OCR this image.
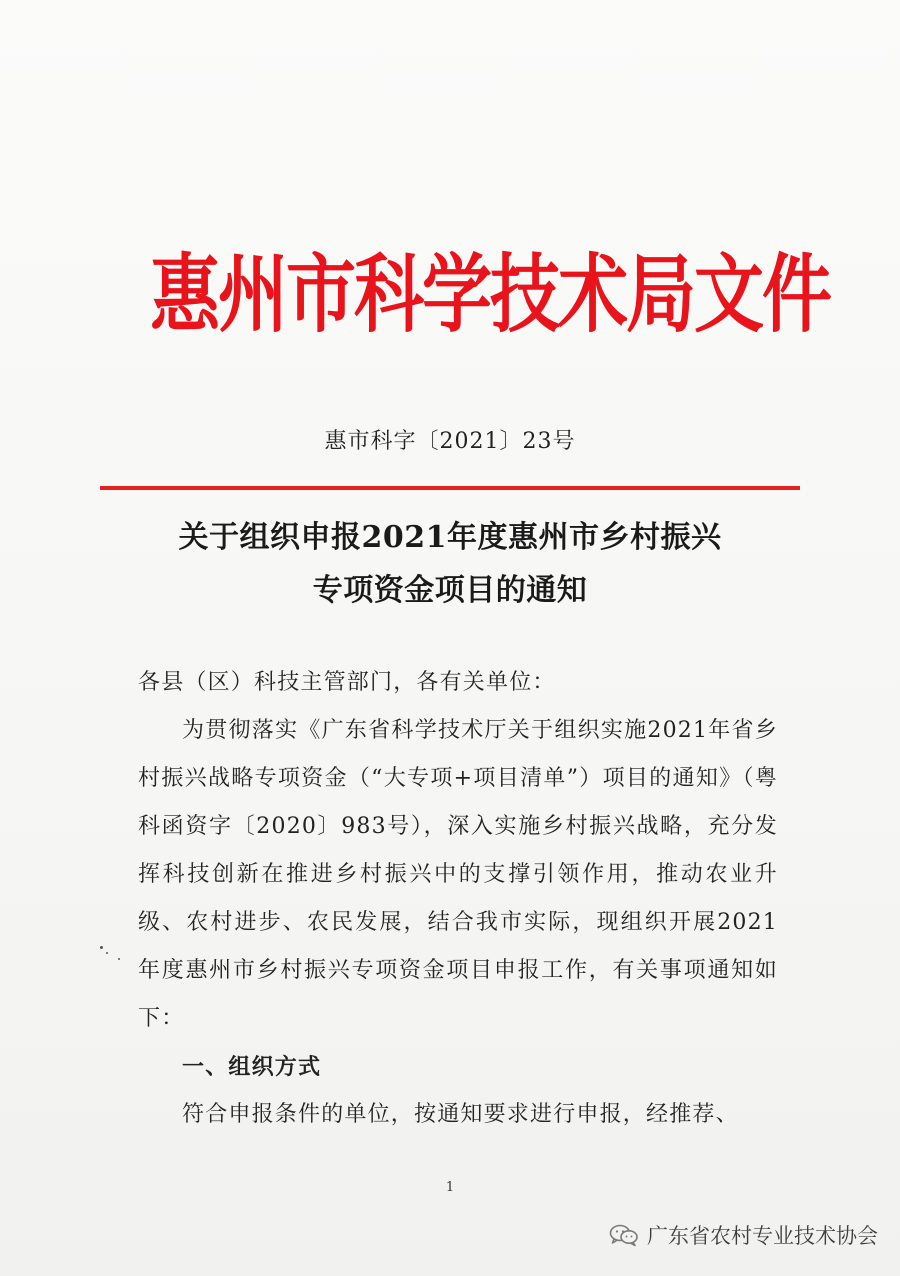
惠州市科学技术局文件
惠市科字〔2021〕23号
关于组织申报2021年度惠州市乡村振兴
专项资金项目的通知

各县（区）科技主管部门，各有关单位：

为贯彻落实《广东省科学技术厅关于组织实施2021年省乡村振兴战略专项资金（“大专项+项目清单”）项目的通知》（粤科函资字〔2020〕983号），深入实施乡村振兴战略，充分发挥科技创新在推进乡村振兴中的支撑引领作用，推动农业升级、农村进步、农民发展，结合我市实际，现组织开展2021年度惠州市乡村振兴专项资金项目申报工作，有关事项通知如下：

一、组织方式

符合申报条件的单位，按通知要求进行申报，经推荐、

1
广东省农村专业技术协会
